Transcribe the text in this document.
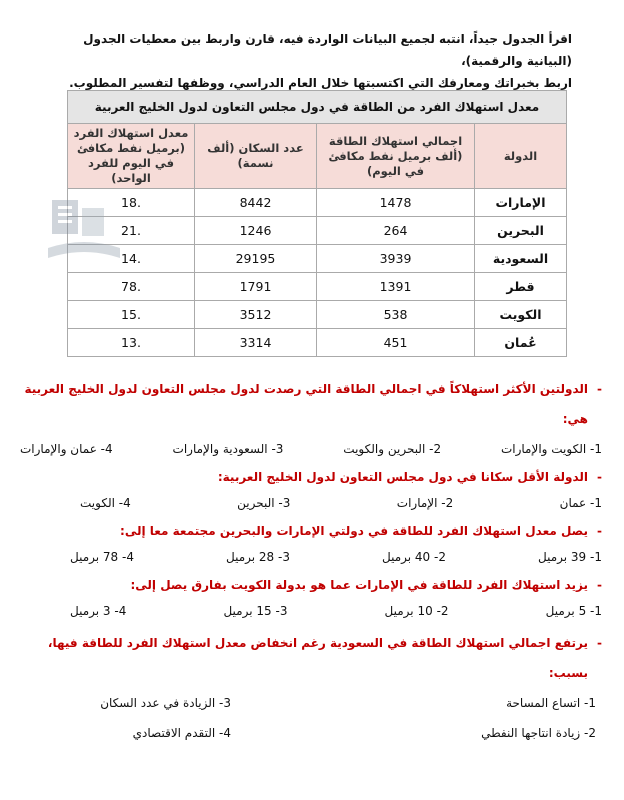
اقرأ الجدول جيداً، انتبه لجميع البيانات الواردة فيه، قارن واربط بين معطيات الجدول (البيانية والرقمية)،
اربط بخبراتك ومعارفك التي اكتسبتها خلال العام الدراسي، ووظفها لتفسير المطلوب.
معدل استهلاك الفرد من الطاقة في دول مجلس التعاون لدول الخليج العربية			
الدولة	اجمالي استهلاك الطاقة (ألف برميل نفط مكافئ في اليوم)	عدد السكان (ألف نسمة)	معدل استهلاك الفرد (برميل نفط مكافئ في اليوم للفرد الواحد)
الإمارات	1478	8442	.18
البحرين	264	1246	.21
السعودية	3939	29195	.14
قطر	1391	1791	.78
الكويت	538	3512	.15
عُمان	451	3314	.13
- الدولتين الأكثر استهلاكاً في اجمالي الطاقة التي رصدت لدول مجلس التعاون لدول الخليج العربية هي:
1- الكويت والإمارات
2- البحرين والكويت
3- السعودية والإمارات
4- عمان والإمارات
- الدولة الأقل سكانا في دول مجلس التعاون لدول الخليج العربية:
1- عمان
2- الإمارات
3- البحرين
4- الكويت
- يصل معدل استهلاك الفرد للطاقة في دولتي الإمارات والبحرين مجتمعة معا إلى:
1- 39 برميل
2- 40 برميل
3- 28 برميل
4- 78 برميل
- يزيد استهلاك الفرد للطاقة في الإمارات عما هو بدولة الكويت بفارق يصل إلى:
1- 5 برميل
2- 10 برميل
3- 15 برميل
4- 3 برميل
- يرتفع اجمالي استهلاك الطاقة في السعودية رغم انخفاض معدل استهلاك الفرد للطاقة فيها، بسبب:
1- اتساع المساحة
3- الزيادة في عدد السكان
2- زيادة انتاجها النفطي
4- التقدم الاقتصادي
